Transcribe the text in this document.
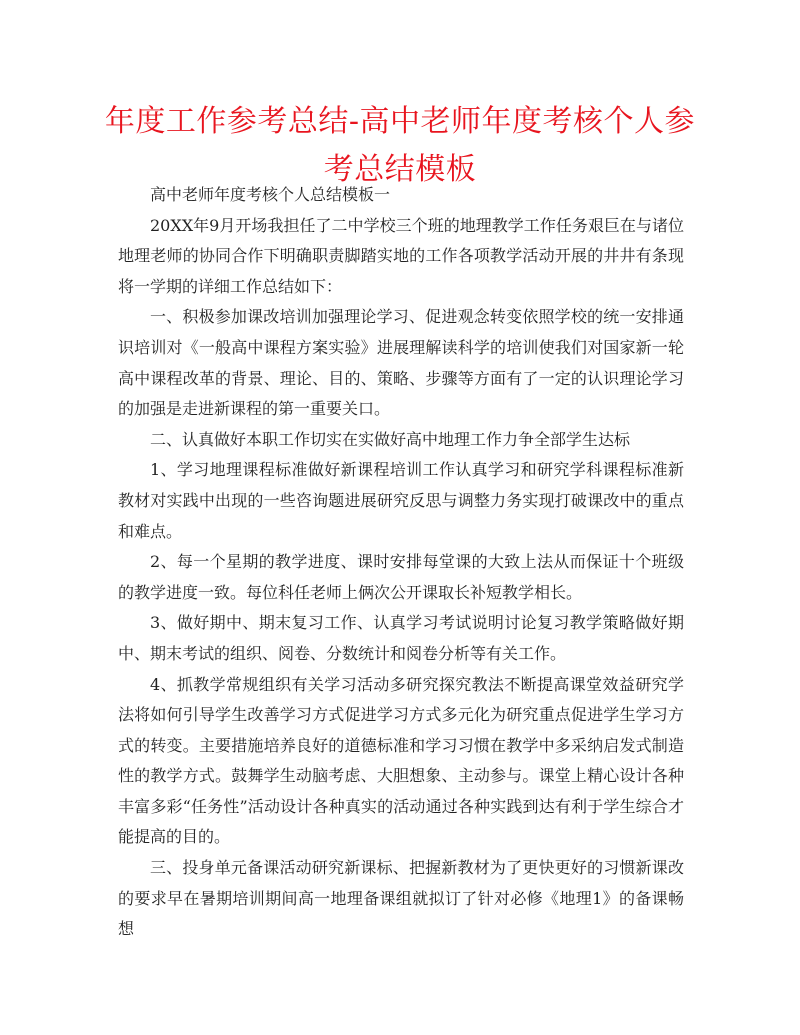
年度工作参考总结-高中老师年度考核个人参考总结模板

高中老师年度考核个人总结模板一

20XX年9月开场我担任了二中学校三个班的地理教学工作任务艰巨在与诸位地理老师的协同合作下明确职责脚踏实地的工作各项教学活动开展的井井有条现将一学期的详细工作总结如下：

一、积极参加课改培训加强理论学习、促进观念转变依照学校的统一安排通识培训对《一般高中课程方案实验》进展理解读科学的培训使我们对国家新一轮高中课程改革的背景、理论、目的、策略、步骤等方面有了一定的认识理论学习的加强是走进新课程的第一重要关口。

二、认真做好本职工作切实在实做好高中地理工作力争全部学生达标

1、学习地理课程标准做好新课程培训工作认真学习和研究学科课程标准新教材对实践中出现的一些咨询题进展研究反思与调整力务实现打破课改中的重点和难点。

2、每一个星期的教学进度、课时安排每堂课的大致上法从而保证十个班级的教学进度一致。每位科任老师上俩次公开课取长补短教学相长。

3、做好期中、期末复习工作、认真学习考试说明讨论复习教学策略做好期中、期末考试的组织、阅卷、分数统计和阅卷分析等有关工作。

4、抓教学常规组织有关学习活动多研究探究教法不断提高课堂效益研究学法将如何引导学生改善学习方式促进学习方式多元化为研究重点促进学生学习方式的转变。主要措施培养良好的道德标准和学习习惯在教学中多采纳启发式制造性的教学方式。鼓舞学生动脑考虑、大胆想象、主动参与。课堂上精心设计各种丰富多彩“任务性”活动设计各种真实的活动通过各种实践到达有利于学生综合才能提高的目的。

三、投身单元备课活动研究新课标、把握新教材为了更快更好的习惯新课改的要求早在暑期培训期间高一地理备课组就拟订了针对必修《地理1》的备课畅想
